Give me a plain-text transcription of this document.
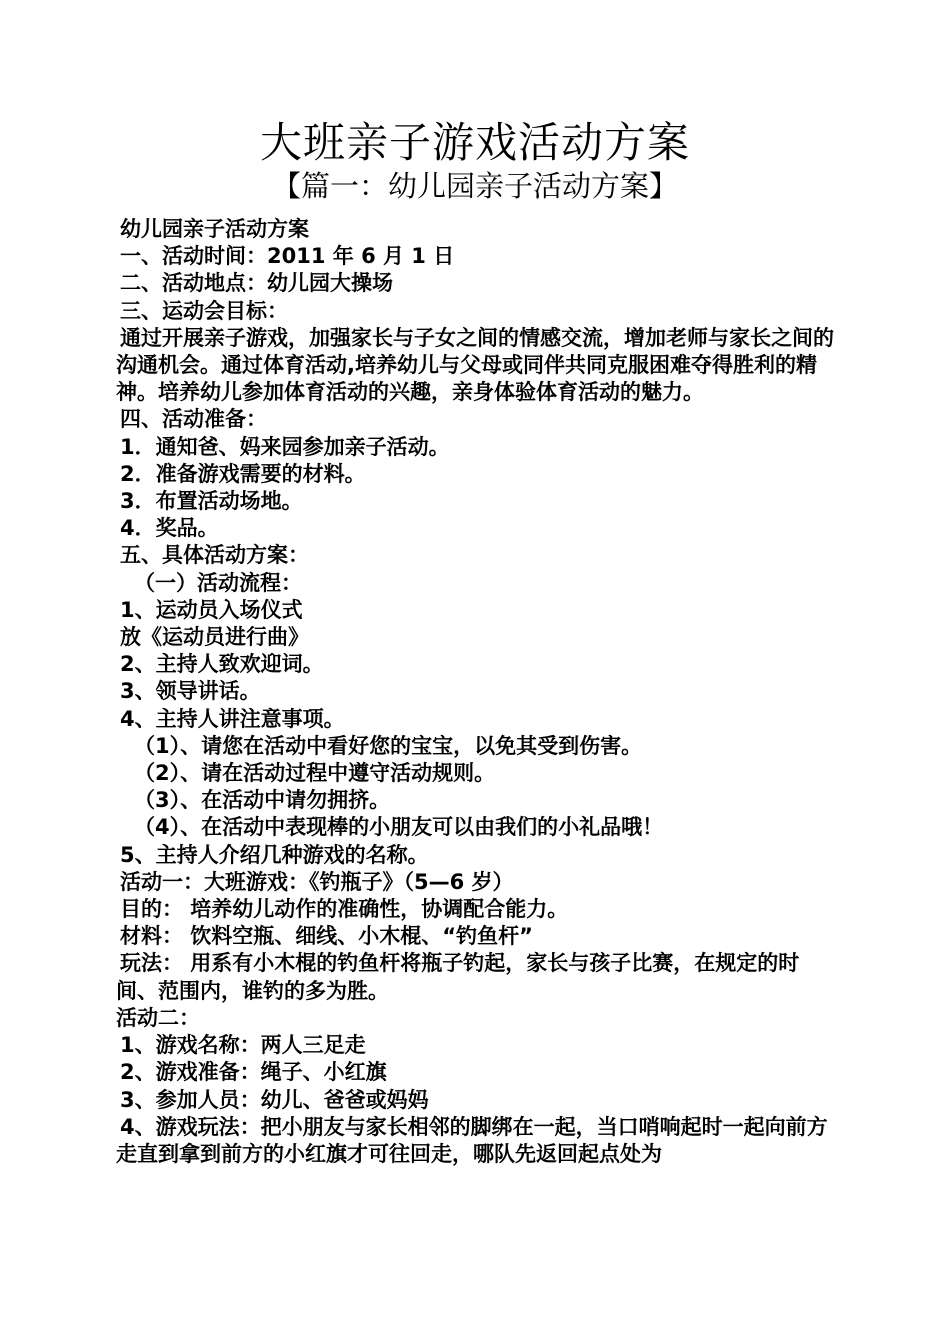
大班亲子游戏活动方案
【篇一：幼儿园亲子活动方案】

幼儿园亲子活动方案

一、活动时间：2011 年 6 月 1 日

二、活动地点：幼儿园大操场

三、运动会目标：

通过开展亲子游戏，加强家长与子女之间的情感交流，增加老师与家长之间的沟通机会。通过体育活动,培养幼儿与父母或同伴共同克服困难夺得胜利的精神。培养幼儿参加体育活动的兴趣，亲身体验体育活动的魅力。

四、活动准备：

1．通知爸、妈来园参加亲子活动。

2．准备游戏需要的材料。

3．布置活动场地。

4．奖品。

五、具体活动方案：

（一）活动流程：

1、运动员入场仪式

放《运动员进行曲》

2、主持人致欢迎词。

3、领导讲话。

4、主持人讲注意事项。

（1）、请您在活动中看好您的宝宝，以免其受到伤害。

（2）、请在活动过程中遵守活动规则。

（3）、在活动中请勿拥挤。

（4）、在活动中表现棒的小朋友可以由我们的小礼品哦！

5、主持人介绍几种游戏的名称。

活动一：大班游戏：《钓瓶子》（5—6 岁）

目的： 培养幼儿动作的准确性，协调配合能力。

材料： 饮料空瓶、细线、小木棍、“钓鱼杆”

玩法： 用系有小木棍的钓鱼杆将瓶子钓起，家长与孩子比赛，在规定的时间、范围内，谁钓的多为胜。

活动二：

1、游戏名称：两人三足走

2、游戏准备：绳子、小红旗

3、参加人员：幼儿、爸爸或妈妈

4、游戏玩法：把小朋友与家长相邻的脚绑在一起，当口哨响起时一起向前方走直到拿到前方的小红旗才可往回走，哪队先返回起点处为
